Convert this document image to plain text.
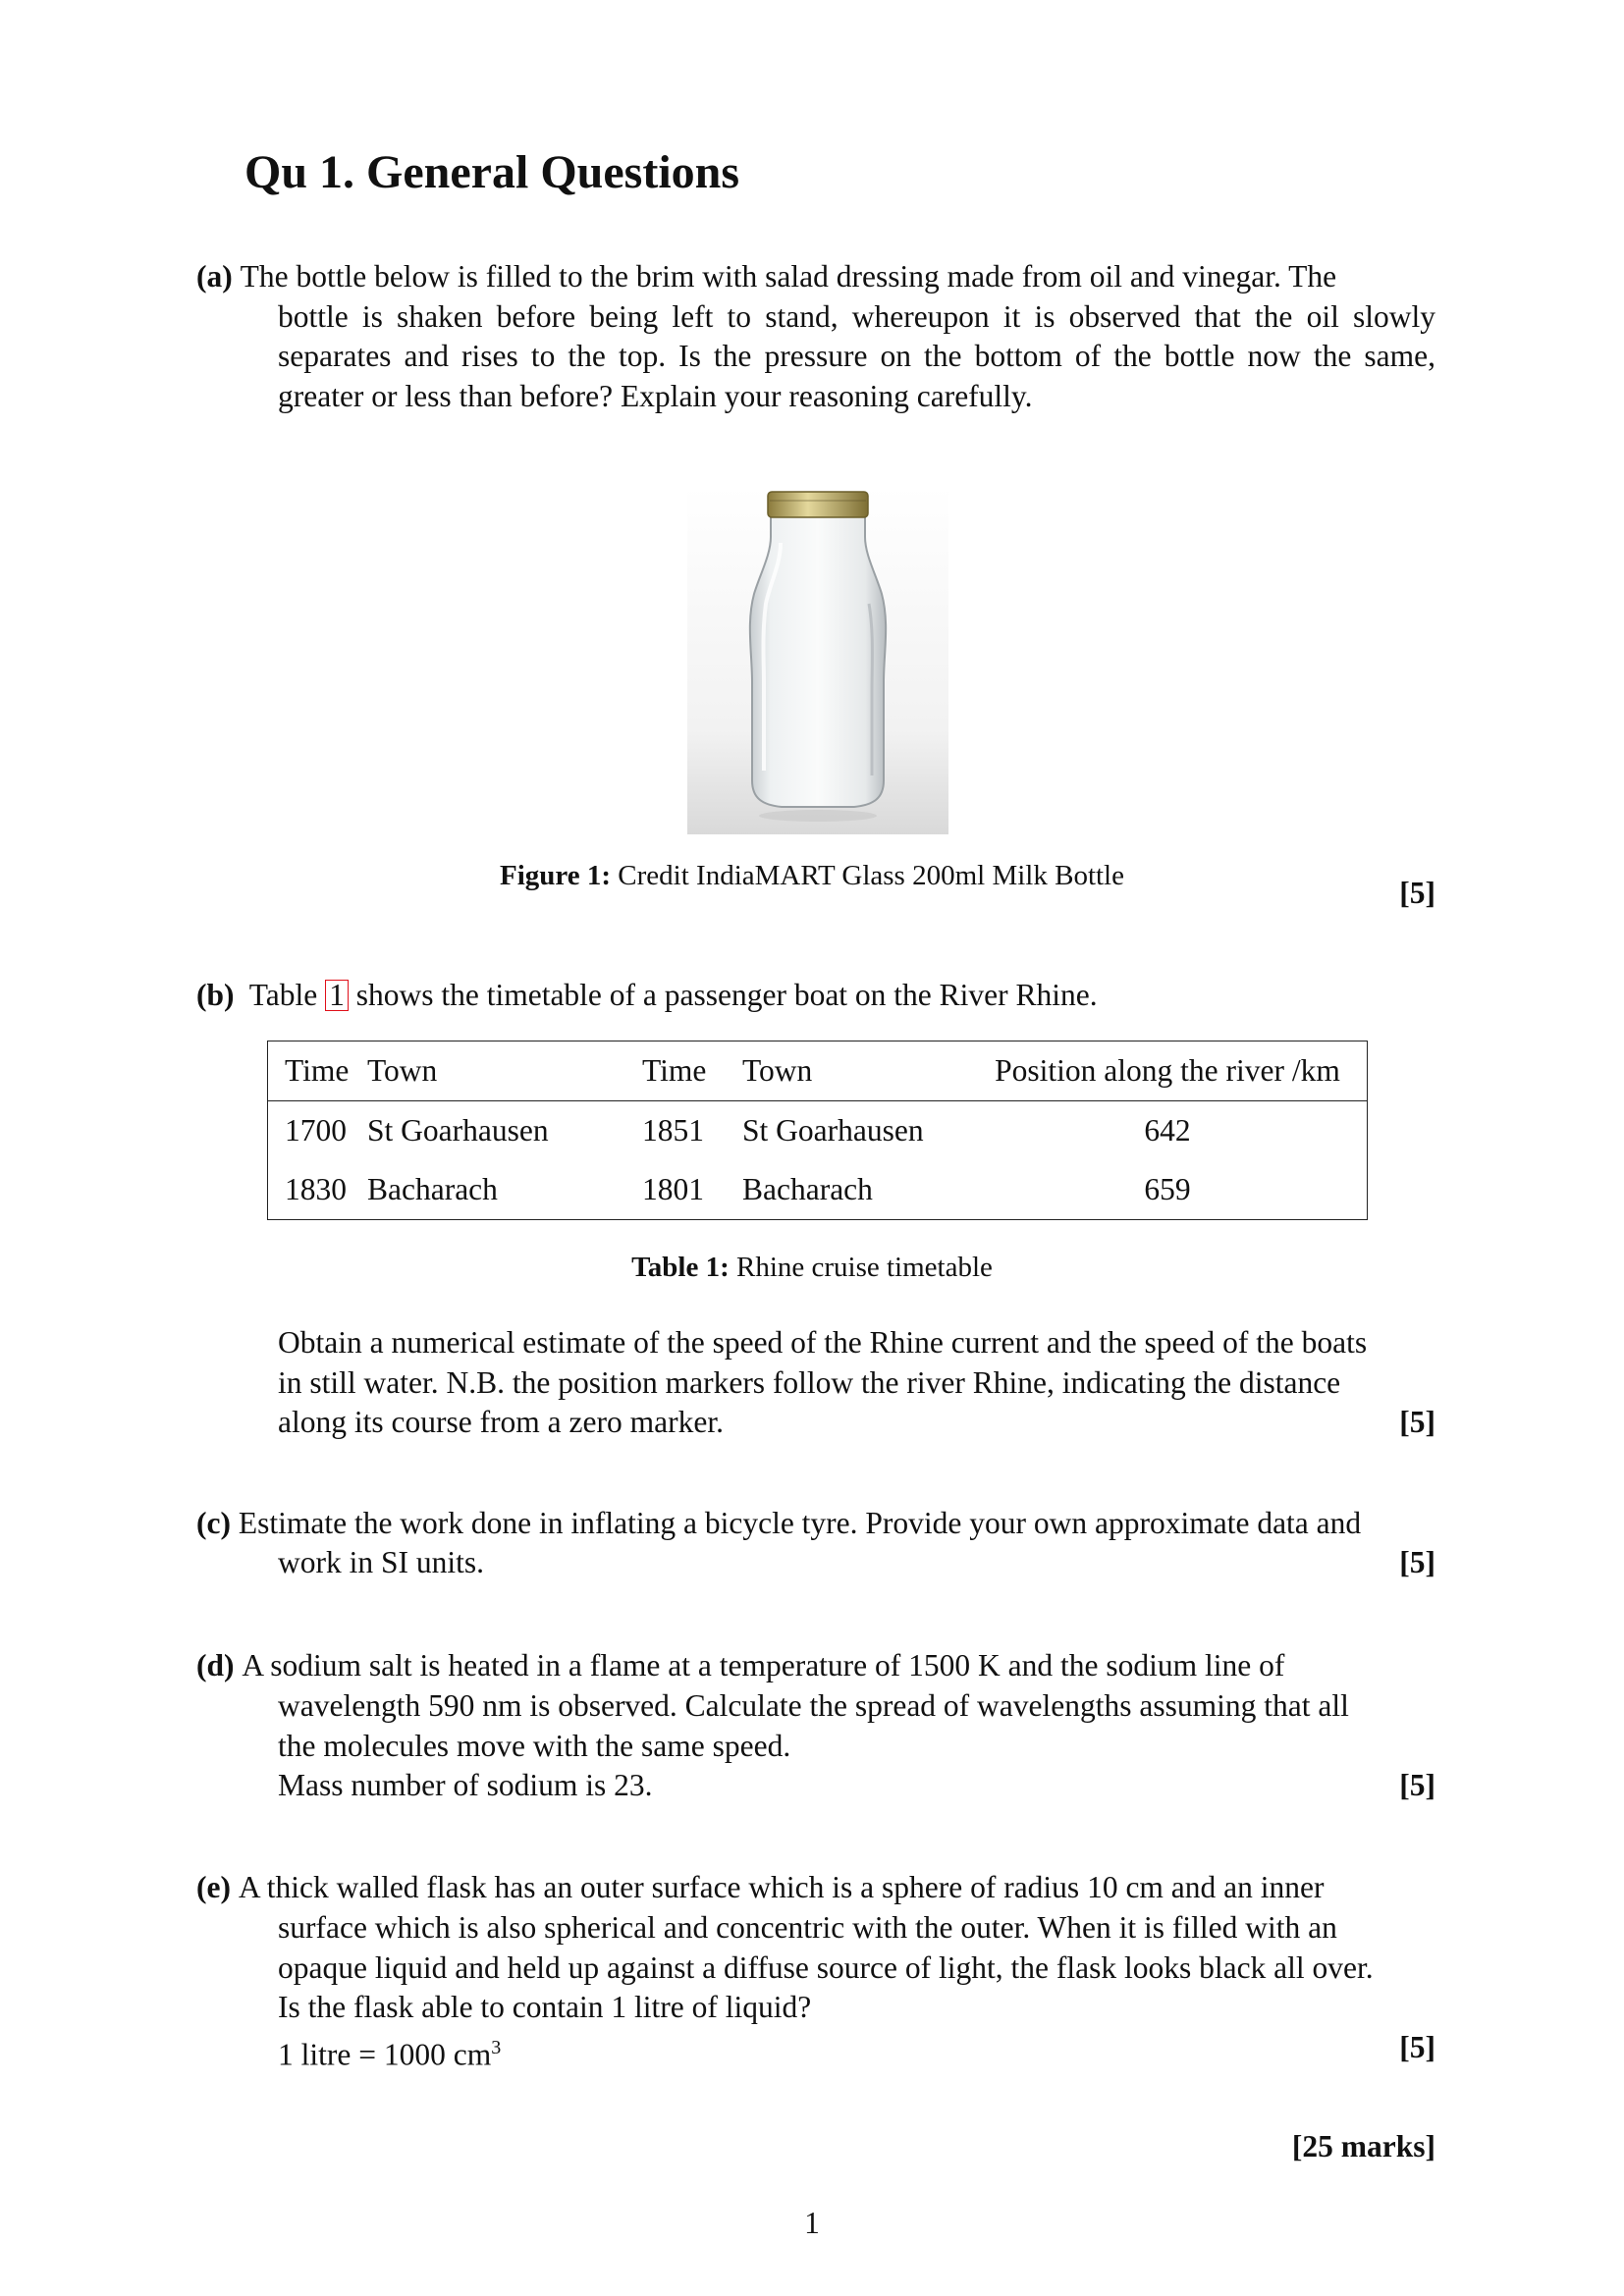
Qu 1. General Questions
(a) The bottle below is filled to the brim with salad dressing made from oil and vinegar. The
bottle is shaken before being left to stand, whereupon it is observed that the oil slowly separates and rises to the top. Is the pressure on the bottom of the bottle now the same, greater or less than before? Explain your reasoning carefully.
Figure 1: Credit IndiaMART Glass 200ml Milk Bottle	[5]
(b) Table 1 shows the timetable of a passenger boat on the River Rhine.
Time	Town	Time	Town	Position along the river /km
1700	St Goarhausen	1851	St Goarhausen	642
1830	Bacharach	1801	Bacharach	659
Table 1: Rhine cruise timetable
Obtain a numerical estimate of the speed of the Rhine current and the speed of the boats
in still water. N.B. the position markers follow the river Rhine, indicating the distance
along its course from a zero marker.	[5]
(c) Estimate the work done in inflating a bicycle tyre. Provide your own approximate data and
work in SI units.	[5]
(d) A sodium salt is heated in a flame at a temperature of 1500 K and the sodium line of
wavelength 590 nm is observed. Calculate the spread of wavelengths assuming that all
the molecules move with the same speed.
Mass number of sodium is 23.	[5]
(e) A thick walled flask has an outer surface which is a sphere of radius 10 cm and an inner
surface which is also spherical and concentric with the outer. When it is filled with an
opaque liquid and held up against a diffuse source of light, the flask looks black all over.
Is the flask able to contain 1 litre of liquid?
1 litre = 1000 $cm^3$	[5]
[25 marks]
1
